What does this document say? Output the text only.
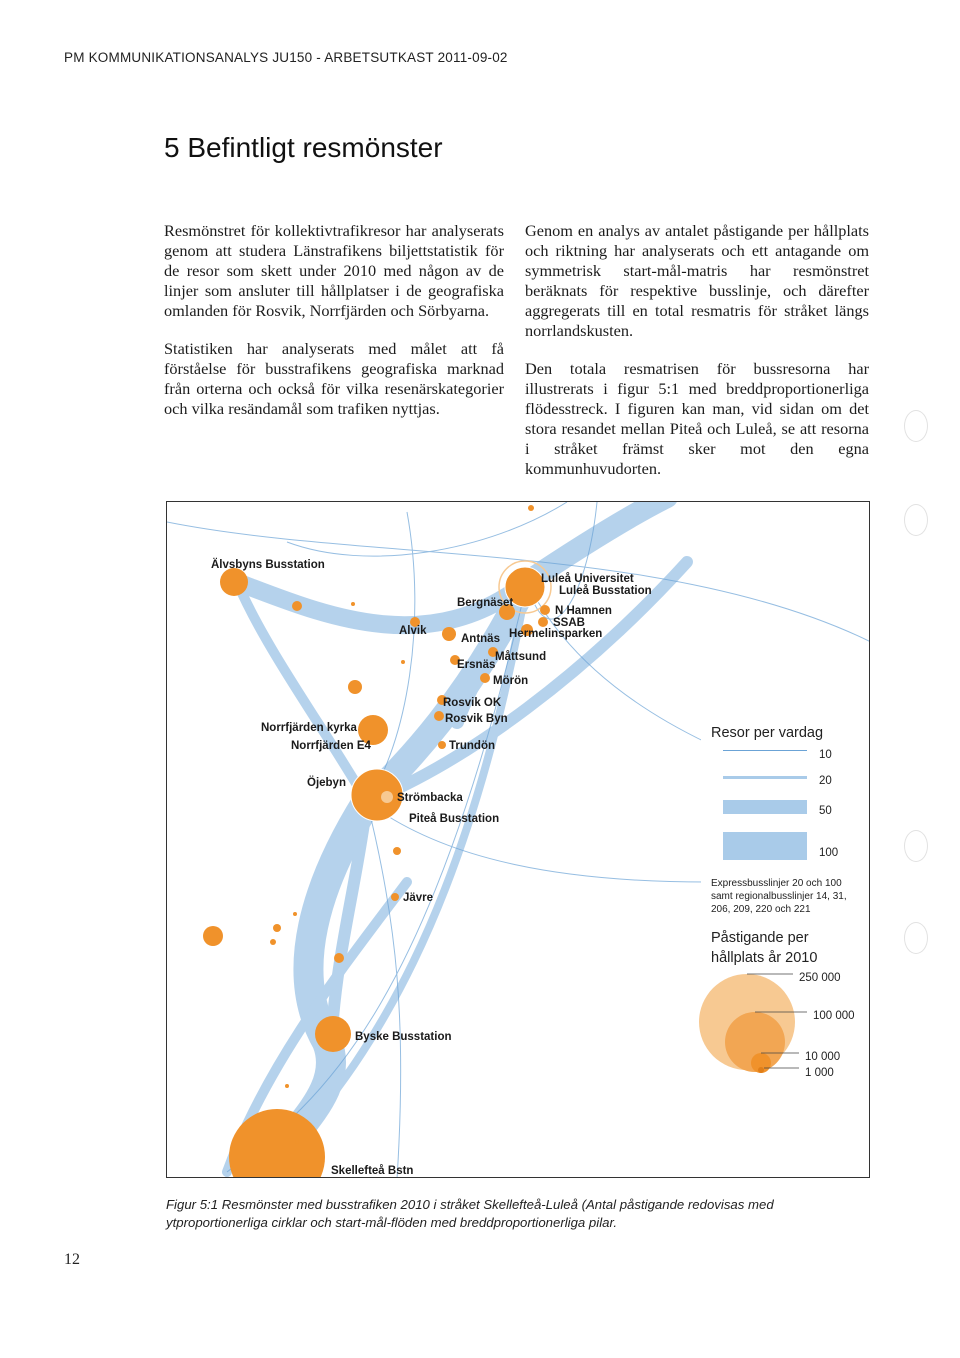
PM KOMMUNIKATIONSANALYS JU150 - ARBETSUTKAST 2011-09-02
5 Befintligt resmönster

Resmönstret för kollektivtrafikresor har analyserats genom att studera Länstrafikens biljettstatistik för de resor som skett under 2010 med någon av de linjer som ansluter till hållplatser i de geografiska omlanden för Rosvik, Norrfjärden och Sörbyarna.

Statistiken har analyserats med målet att få förståelse för busstrafikens geografiska marknad från orterna och också för vilka resenärskategorier och vilka resändamål som trafiken nyttjas.

Genom en analys av antalet påstigande per hållplats och riktning har analyserats och ett antagande om symmetrisk start-mål-matris har resmönstret beräknats för respektive busslinje, och därefter aggregerats till en total resmatris för stråket längs norrlandskusten.

Den totala resmatrisen för bussresorna har illustrerats i figur 5:1 med breddproportionerliga flödesstreck. I figuren kan man, vid sidan om det stora resandet mellan Piteå och Luleå, se att resorna i stråket främst sker mot den egna kommunhuvudorten.

Älvsbyns Busstation
Luleå Universitet
Luleå Busstation
Bergnäset
N Hamnen
SSAB
Hermelinsparken
Alvik
Antnäs
Måttsund
Ersnäs
Mörön
Rosvik OK
Rosvik Byn
Trundön
Norrfjärden kyrka
Norrfjärden E4
Öjebyn
Strömbacka
Piteå Busstation
Jävre
Byske Busstation
Skellefteå Bstn
Resor per vardag
10
20
50
100
Expressbusslinjer 20 och 100
samt regionalbusslinjer 14, 31,
206, 209, 220 och 221
Påstigande per
hållplats år 2010
250 000
100 000
10 000
1 000
Figur 5:1 Resmönster med busstrafiken 2010 i stråket Skellefteå-Luleå (Antal påstigande redovisas med ytproportionerliga cirklar och start-mål-flöden med breddproportionerliga pilar.
12
